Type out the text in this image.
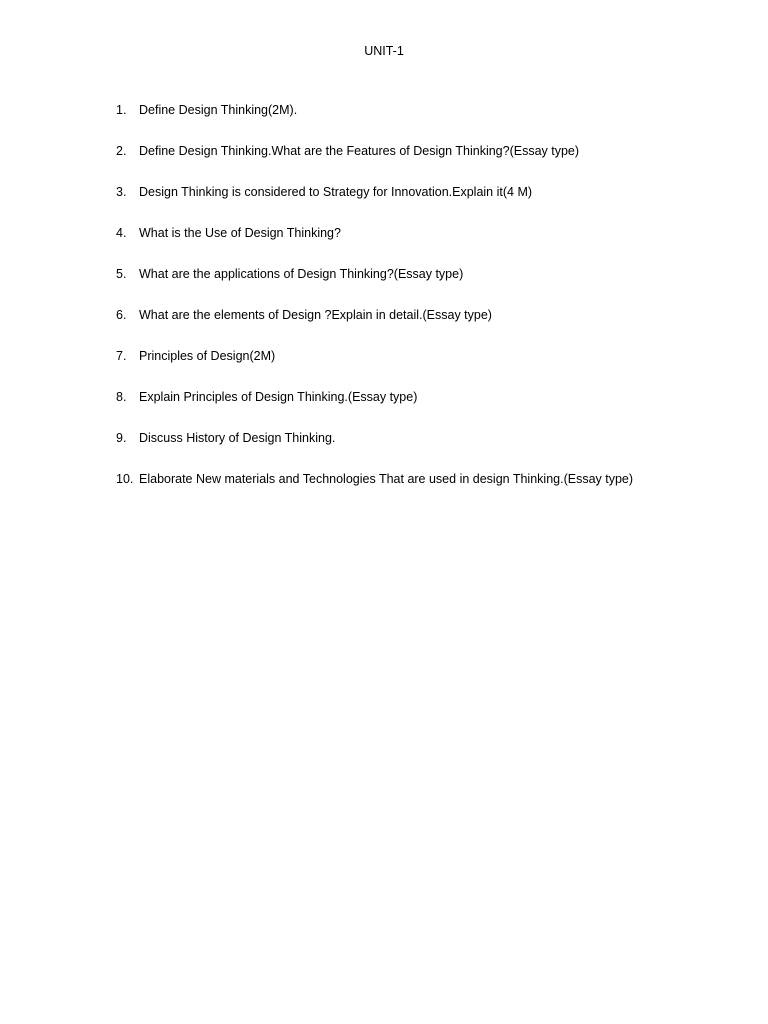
UNIT-1
1.	Define Design Thinking(2M).
2.	Define Design Thinking.What are the Features of Design Thinking?(Essay type)
3.	Design Thinking is considered to Strategy for Innovation.Explain it(4 M)
4.	What is the Use of Design Thinking?
5.	What are the applications of Design Thinking?(Essay type)
6.	What are the elements of Design ?Explain in detail.(Essay type)
7.	Principles of Design(2M)
8.	Explain Principles of Design Thinking.(Essay type)
9.	Discuss History of Design Thinking.
10. Elaborate New materials and Technologies That are used in design Thinking.(Essay type)
